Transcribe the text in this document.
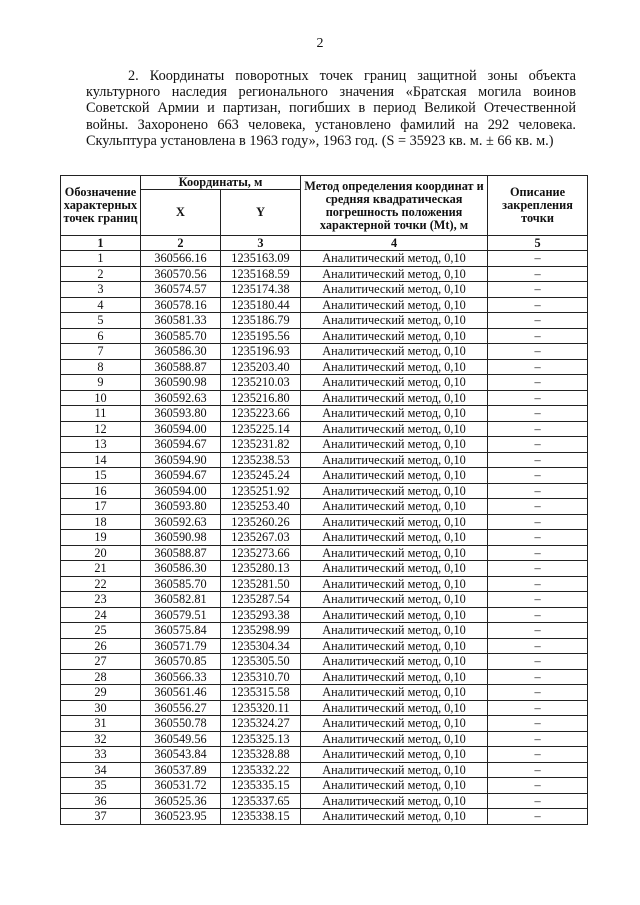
2

2. Координаты поворотных точек границ защитной зоны объекта культурного наследия регионального значения «Братская могила воинов Советской Армии и партизан, погибших в период Великой Отечественной войны. Захоронено 663 человека, установлено фамилий на 292 человека. Скульптура установлена в 1963 году», 1963 год. (S = 35923 кв. м. ± 66 кв. м.)

Обозначение характерных точек границ	Координаты, м		Метод определения координат и средняя квадратическая погрешность положения характерной точки (Mt), м	Описание закрепления точки
	X	Y		
1	2	3	4	5
1	360566.16	1235163.09	Аналитический метод, 0,10	–
2	360570.56	1235168.59	Аналитический метод, 0,10	–
3	360574.57	1235174.38	Аналитический метод, 0,10	–
4	360578.16	1235180.44	Аналитический метод, 0,10	–
5	360581.33	1235186.79	Аналитический метод, 0,10	–
6	360585.70	1235195.56	Аналитический метод, 0,10	–
7	360586.30	1235196.93	Аналитический метод, 0,10	–
8	360588.87	1235203.40	Аналитический метод, 0,10	–
9	360590.98	1235210.03	Аналитический метод, 0,10	–
10	360592.63	1235216.80	Аналитический метод, 0,10	–
11	360593.80	1235223.66	Аналитический метод, 0,10	–
12	360594.00	1235225.14	Аналитический метод, 0,10	–
13	360594.67	1235231.82	Аналитический метод, 0,10	–
14	360594.90	1235238.53	Аналитический метод, 0,10	–
15	360594.67	1235245.24	Аналитический метод, 0,10	–
16	360594.00	1235251.92	Аналитический метод, 0,10	–
17	360593.80	1235253.40	Аналитический метод, 0,10	–
18	360592.63	1235260.26	Аналитический метод, 0,10	–
19	360590.98	1235267.03	Аналитический метод, 0,10	–
20	360588.87	1235273.66	Аналитический метод, 0,10	–
21	360586.30	1235280.13	Аналитический метод, 0,10	–
22	360585.70	1235281.50	Аналитический метод, 0,10	–
23	360582.81	1235287.54	Аналитический метод, 0,10	–
24	360579.51	1235293.38	Аналитический метод, 0,10	–
25	360575.84	1235298.99	Аналитический метод, 0,10	–
26	360571.79	1235304.34	Аналитический метод, 0,10	–
27	360570.85	1235305.50	Аналитический метод, 0,10	–
28	360566.33	1235310.70	Аналитический метод, 0,10	–
29	360561.46	1235315.58	Аналитический метод, 0,10	–
30	360556.27	1235320.11	Аналитический метод, 0,10	–
31	360550.78	1235324.27	Аналитический метод, 0,10	–
32	360549.56	1235325.13	Аналитический метод, 0,10	–
33	360543.84	1235328.88	Аналитический метод, 0,10	–
34	360537.89	1235332.22	Аналитический метод, 0,10	–
35	360531.72	1235335.15	Аналитический метод, 0,10	–
36	360525.36	1235337.65	Аналитический метод, 0,10	–
37	360523.95	1235338.15	Аналитический метод, 0,10	–
